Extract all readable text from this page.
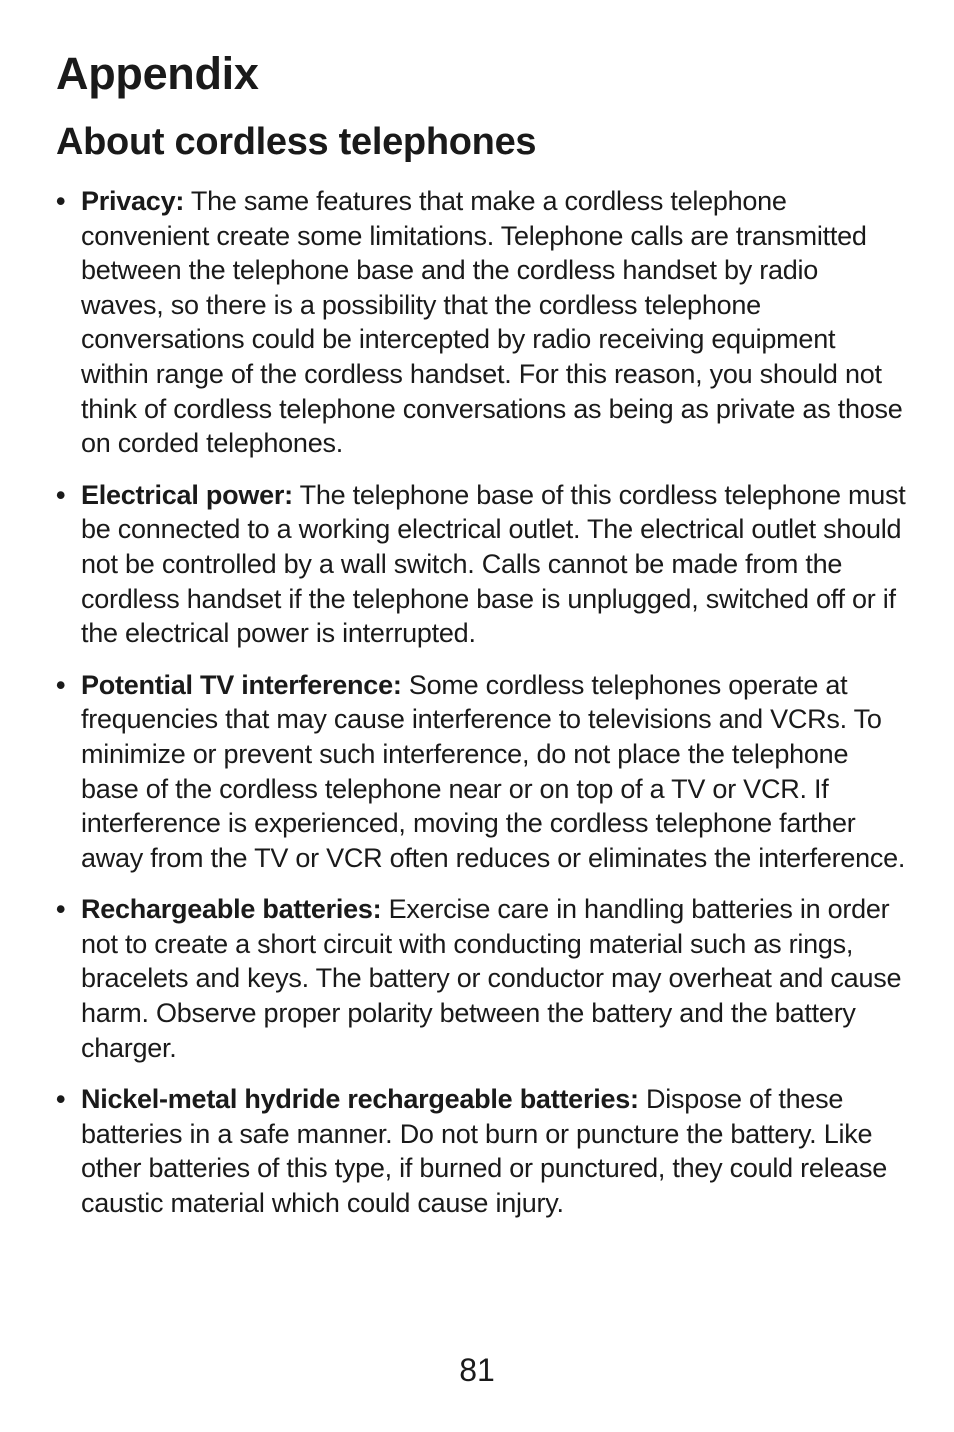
Appendix
About cordless telephones
• Privacy: The same features that make a cordless telephone convenient create some limitations. Telephone calls are transmitted between the telephone base and the cordless handset by radio waves, so there is a possibility that the cordless telephone conversations could be intercepted by radio receiving equipment within range of the cordless handset. For this reason, you should not think of cordless telephone conversations as being as private as those on corded telephones.
• Electrical power: The telephone base of this cordless telephone must be connected to a working electrical outlet. The electrical outlet should not be controlled by a wall switch. Calls cannot be made from the cordless handset if the telephone base is unplugged, switched off or if the electrical power is interrupted.
• Potential TV interference: Some cordless telephones operate at frequencies that may cause interference to televisions and VCRs. To minimize or prevent such interference, do not place the telephone base of the cordless telephone near or on top of a TV or VCR. If interference is experienced, moving the cordless telephone farther away from the TV or VCR often reduces or eliminates the interference.
• Rechargeable batteries: Exercise care in handling batteries in order not to create a short circuit with conducting material such as rings, bracelets and keys. The battery or conductor may overheat and cause harm. Observe proper polarity between the battery and the battery charger.
• Nickel-metal hydride rechargeable batteries: Dispose of these batteries in a safe manner. Do not burn or puncture the battery. Like other batteries of this type, if burned or punctured, they could release caustic material which could cause injury.
81
